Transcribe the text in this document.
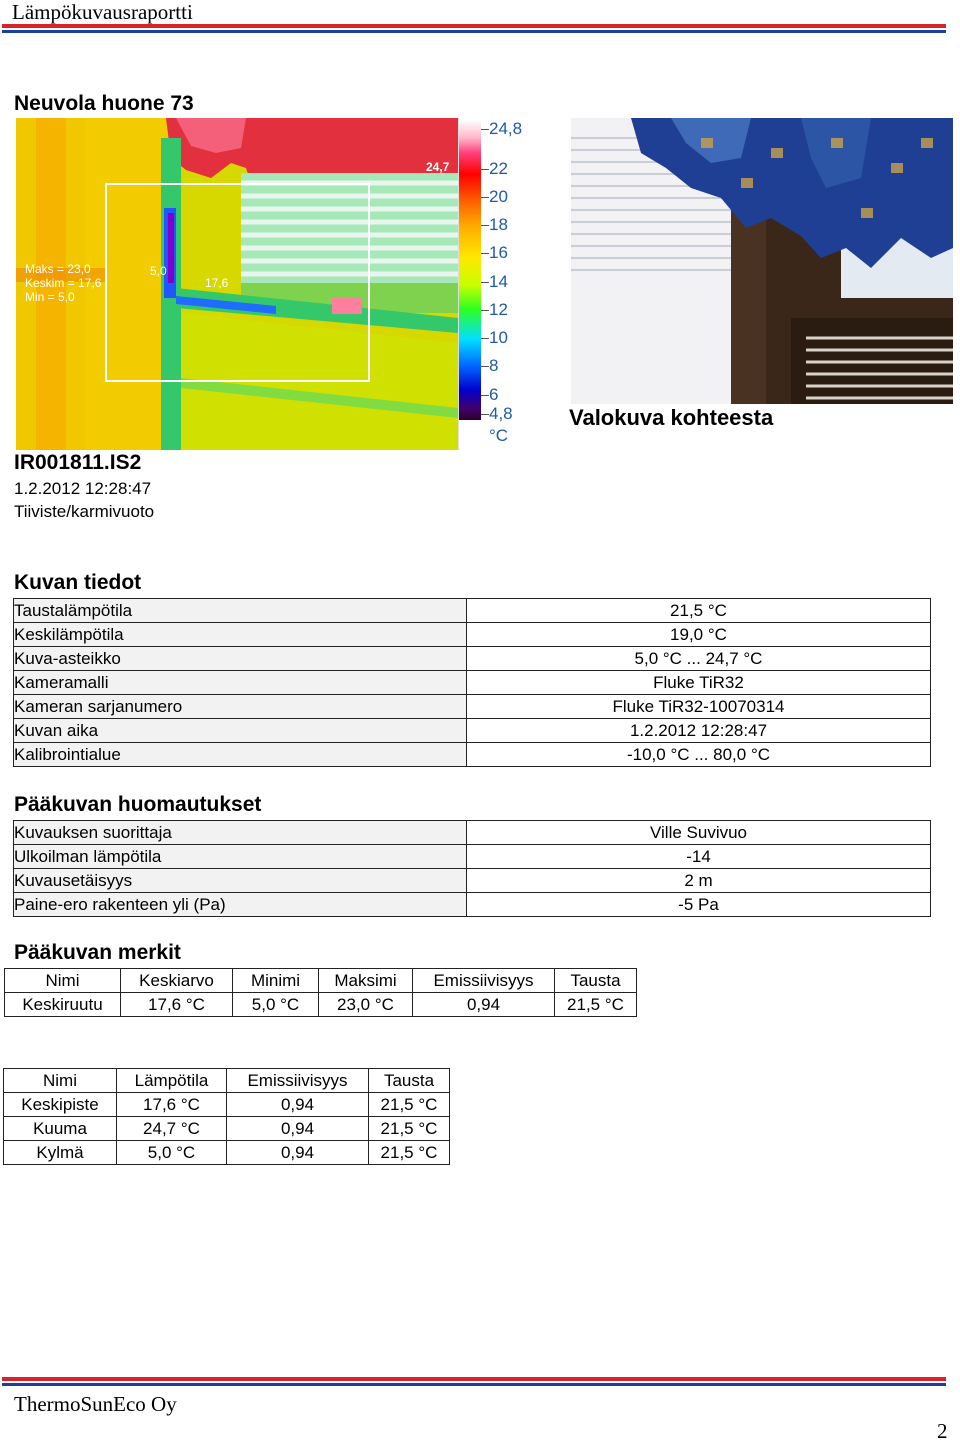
Lämpökuvausraportti
Neuvola huone 73
Maks = 23,0
Keskim = 17,6
Min = 5,0
5,0
17,6
24,7
24,8
22
20
18
16
14
12
10
8
6
4,8
°C
Valokuva kohteesta
IR001811.IS2
1.2.2012 12:28:47
Tiiviste/karmivuoto
Kuvan tiedot
Taustalämpötila	21,5 °C
Keskilämpötila	19,0 °C
Kuva-asteikko	5,0 °C ... 24,7 °C
Kameramalli	Fluke TiR32
Kameran sarjanumero	Fluke TiR32-10070314
Kuvan aika	1.2.2012 12:28:47
Kalibrointialue	-10,0 °C ... 80,0 °C
Pääkuvan huomautukset
Kuvauksen suorittaja	Ville Suvivuo
Ulkoilman lämpötila	-14
Kuvausetäisyys	2 m
Paine-ero rakenteen yli (Pa)	-5 Pa
Pääkuvan merkit
Nimi	Keskiarvo	Minimi	Maksimi	Emissiivisyys	Tausta
Keskiruutu	17,6 °C	5,0 °C	23,0 °C	0,94	21,5 °C
Nimi	Lämpötila	Emissiivisyys	Tausta
Keskipiste	17,6 °C	0,94	21,5 °C
Kuuma	24,7 °C	0,94	21,5 °C
Kylmä	5,0 °C	0,94	21,5 °C
ThermoSunEco Oy
2
